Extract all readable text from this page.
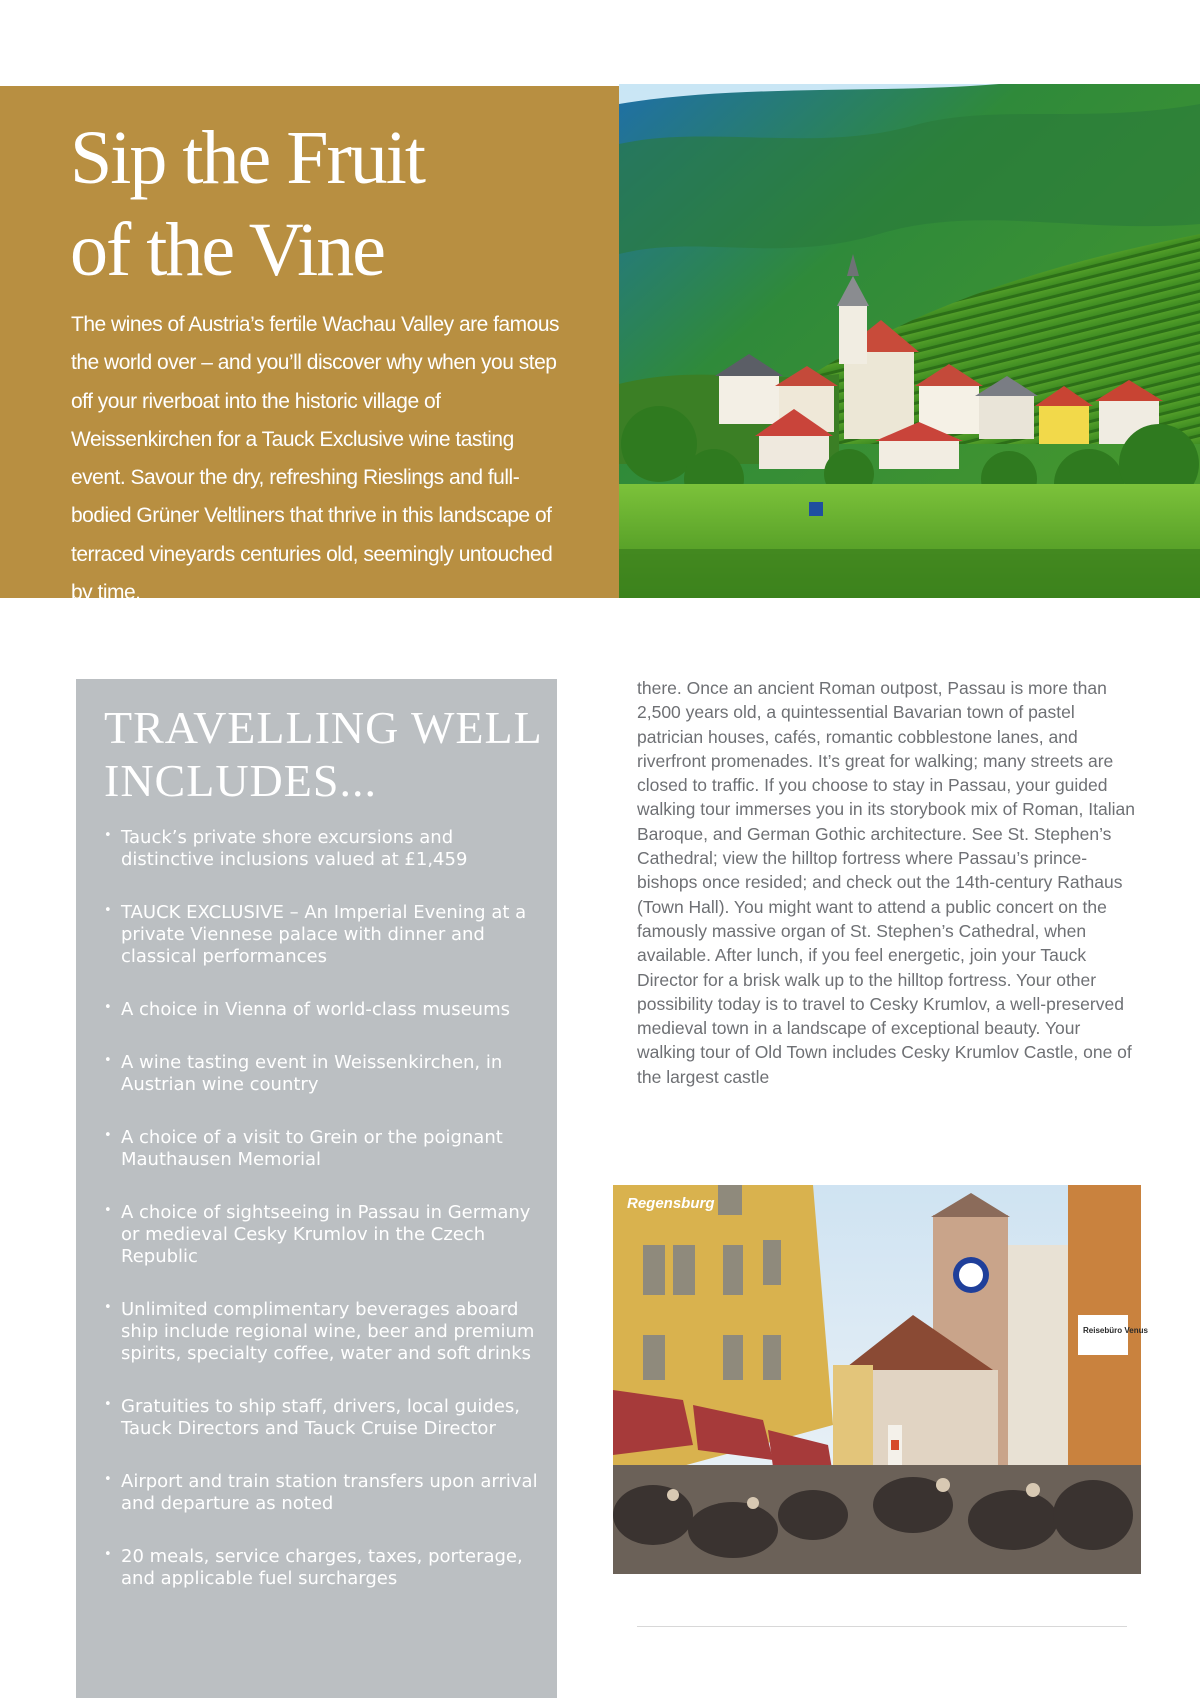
Sip the Fruit
of the Vine

The wines of Austria’s fertile Wachau Valley are famous the world over – and you’ll discover why when you step off your riverboat into the historic village of Weissenkirchen for a Tauck Exclusive wine tasting event. Savour the dry, refreshing Rieslings and full-bodied Grüner Veltliners that thrive in this landscape of terraced vineyards centuries old, seemingly untouched by time.

TRAVELLING WELL
INCLUDES...
• Tauck’s private shore excursions and distinctive inclusions valued at £1,459
• TAUCK EXCLUSIVE – An Imperial Evening at a private Viennese palace with dinner and classical performances
• A choice in Vienna of world-class museums
• A wine tasting event in Weissenkirchen, in Austrian wine country
• A choice of a visit to Grein or the poignant Mauthausen Memorial
• A choice of sightseeing in Passau in Germany or medieval Cesky Krumlov in the Czech Republic
• Unlimited complimentary beverages aboard ship include regional wine, beer and premium spirits, specialty coffee, water and soft drinks
• Gratuities to ship staff, drivers, local guides, Tauck Directors and Tauck Cruise Director
• Airport and train station transfers upon arrival and departure as noted
• 20 meals, service charges, taxes, porterage, and applicable fuel surcharges

there. Once an ancient Roman outpost, Passau is more than 2,500 years old, a quintessential Bavarian town of pastel patrician houses, cafés, romantic cobblestone lanes, and riverfront promenades. It’s great for walking; many streets are closed to traffic. If you choose to stay in Passau, your guided walking tour immerses you in its storybook mix of Roman, Italian Baroque, and German Gothic architecture. See St. Stephen’s Cathedral; view the hilltop fortress where Passau’s prince-bishops once resided; and check out the 14th-century Rathaus (Town Hall). You might want to attend a public concert on the famously massive organ of St. Stephen’s Cathedral, when available. After lunch, if you feel energetic, join your Tauck Director for a brisk walk up to the hilltop fortress. Your other possibility today is to travel to Cesky Krumlov, a well-preserved medieval town in a landscape of exceptional beauty. Your walking tour of Old Town includes Cesky Krumlov Castle, one of the largest castle

Reisebüro Venus
Regensburg
